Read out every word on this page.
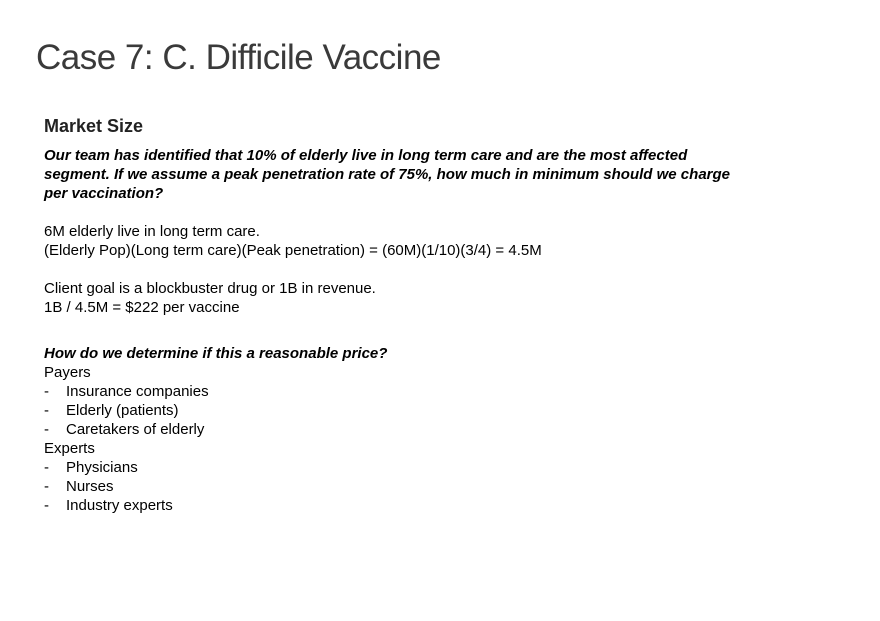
Case 7: C. Difficile Vaccine
Market Size

Our team has identified that 10% of elderly live in long term care and are the most affected segment. If we assume a peak penetration rate of 75%, how much in minimum should we charge per vaccination?

6M elderly live in long term care.

(Elderly Pop)(Long term care)(Peak penetration) = (60M)(1/10)(3/4) = 4.5M

Client goal is a blockbuster drug or 1B in revenue.

1B / 4.5M = $222 per vaccine

How do we determine if this a reasonable price?

Payers

- Insurance companies
- Elderly (patients)
- Caretakers of elderly

Experts

- Physicians
- Nurses
- Industry experts
